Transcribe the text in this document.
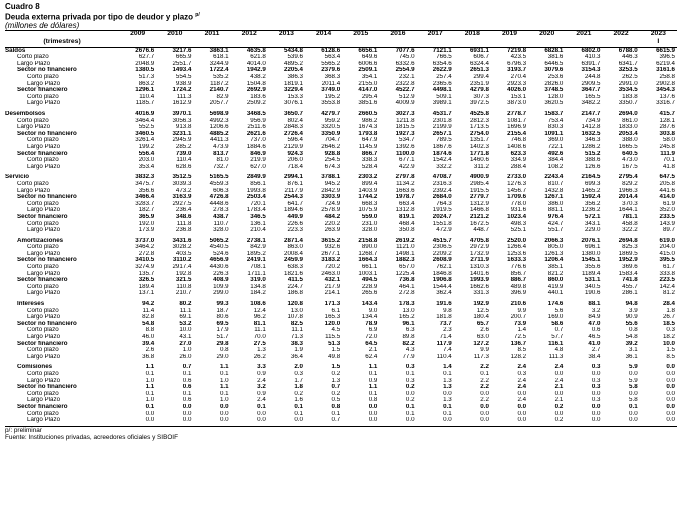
Cuadro 8
Deuda externa privada por tipo de deudor y plazo $^{p/}$
(millones de dólares)
	2009	2010	2011	2012	2013	2014	2015	2016	2017	2018	2019	2020	2021	2022	2023
(trimestres)															I
Saldos	2676.6	3217.6	3863.1	4635.8	5434.8	6128.6	6656.1	7077.6	7121.1	6931.1	7219.8	6828.1	6802.0	6788.0	6615.9
Corto plazo	627.7	665.9	618.1	621.8	539.6	563.4	649.6	745.0	766.5	606.7	423.5	381.6	410.3	446.3	396.5
Largo Plazo	2048.9	2551.7	3244.9	4014.0	4895.2	5565.2	6006.6	6332.6	6354.6	6324.4	6796.3	6446.5	6391.7	6341.7	6219.4
Sector no financiero	1380.5	1493.4	1722.4	1942.9	2205.4	2379.6	2509.1	2554.9	2622.9	2651.3	3193.7	3079.6	3154.3	3253.5	3161.6
Corto plazo	517.3	554.5	535.2	438.2	386.3	368.3	354.1	232.1	257.4	299.4	270.4	253.6	244.8	262.5	258.8
Largo Plazo	863.2	938.9	1187.2	1504.8	1819.1	2011.4	2155.0	2322.8	2365.6	2351.9	2923.3	2826.0	2909.5	2991.0	2902.8
Sector financiero	1296.1	1724.2	2140.7	2692.9	3229.4	3749.0	4147.0	4522.7	4498.1	4279.8	4026.0	3748.5	3647.7	3534.5	3454.3
Corto plazo	110.4	111.3	82.9	183.6	153.3	195.2	295.4	512.9	509.1	307.3	153.1	128.0	165.5	183.8	137.6
Largo Plazo	1185.7	1612.9	2057.7	2509.2	3076.1	3553.8	3851.6	4009.9	3989.1	3972.5	3873.0	3620.5	3482.2	3350.7	3316.7

Desembolsos	4016.9	3970.1	5698.9	3468.5	3650.7	4279.7	2660.5	3027.3	4531.7	4525.8	2778.7	1583.7	2147.7	2694.0	415.7
Corto plazo	3464.4	3056.3	4992.3	956.9	802.4	959.2	986.2	1211.8	2301.8	2812.3	1081.7	753.4	734.9	861.0	128.1
Largo Plazo	552.5	913.8	1206.6	2511.6	2848.3	3320.5	1674.3	1815.5	2199.9	1713.5	1696.9	830.3	1412.8	1833.0	287.6
Sector no financiero	3460.5	3231.1	4885.2	2621.6	2726.4	3350.9	1793.8	1927.3	2657.1	2754.0	2155.4	1091.1	1632.5	2053.4	303.8
Corto plazo	3261.4	2945.9	4411.3	737.0	596.4	704.7	647.9	534.7	789.5	1351.7	746.8	369.0	346.3	388.0	58.0
Largo Plazo	199.2	285.2	473.9	1884.6	2129.9	2646.2	1145.9	1392.6	1867.6	1402.3	1408.6	722.1	1286.2	1665.5	245.8
Sector financiero	556.4	739.0	813.7	846.9	924.3	928.8	866.7	1100.0	1874.6	1771.8	623.3	492.6	515.2	640.5	111.9
Corto plazo	203.0	110.4	81.0	219.9	206.0	254.5	338.3	677.1	1542.4	1460.6	334.9	384.4	388.6	473.0	70.1
Largo Plazo	353.4	628.6	732.7	627.0	718.4	674.3	528.4	422.9	332.2	311.2	288.4	108.2	126.6	167.5	41.8

Servicio	3832.3	3512.5	5165.5	2849.9	2994.1	3788.1	2303.2	2797.8	4708.7	4900.9	2733.0	2243.4	2164.5	2795.4	647.5
Corto plazo	3475.7	3039.3	4559.3	856.1	876.1	945.2	899.4	1134.2	2316.3	2985.4	1276.3	810.7	699.3	829.2	205.8
Largo Plazo	356.6	473.2	606.3	1993.8	2117.9	2842.9	1403.9	1663.6	2392.4	1915.5	1456.7	1432.8	1465.2	1966.3	441.6
Sector no financiero	3466.4	3163.9	4726.8	2503.4	2544.3	3303.9	1744.2	1978.7	2684.0	2779.7	1709.6	1267.1	1592.4	2014.4	414.0
Corto plazo	3283.7	2927.5	4448.6	720.1	641.7	724.9	668.3	663.4	764.3	1312.9	778.0	386.0	356.2	370.3	61.9
Largo Plazo	182.7	236.4	278.3	1783.4	1894.6	2578.9	1075.9	1312.8	1919.5	1466.8	931.6	881.1	1236.2	1644.1	352.0
Sector financiero	365.9	348.6	438.7	346.5	449.9	484.2	559.0	819.1	2024.7	2121.2	1023.4	976.4	572.1	781.1	233.5
Corto plazo	192.0	111.8	110.7	136.1	226.6	220.2	231.0	468.4	1551.8	1672.5	498.3	424.7	343.1	458.8	143.9
Largo Plazo	173.9	236.8	328.0	210.4	223.3	263.9	328.0	350.8	472.9	448.7	525.1	551.7	229.0	322.2	89.7

Amortizaciones	3737.0	3431.6	5065.2	2738.1	2871.4	3615.2	2158.8	2619.2	4515.7	4705.8	2520.0	2066.3	2076.1	2694.8	619.0
Corto plazo	3464.2	3028.2	4540.5	842.9	863.0	932.6	890.0	1121.0	2306.5	2972.9	1266.4	805.0	696.1	825.3	204.0
Largo Plazo	272.8	403.5	524.6	1895.2	2008.4	2677.1	1268.7	1498.1	2209.2	1732.9	1253.6	1261.3	1380.0	1869.5	415.0
Sector no financiero	3410.5	3110.2	4656.9	2419.1	2459.9	3183.2	1664.3	1882.3	2608.9	2711.9	1633.3	1206.4	1545.1	1952.9	395.5
Corto plazo	3274.9	2917.4	4430.6	708.1	638.3	720.2	661.1	657.0	762.1	1310.3	776.6	385.1	355.6	369.6	61.7
Largo Plazo	135.7	192.8	226.3	1711.1	1821.6	2463.0	1003.1	1225.4	1846.8	1401.6	856.7	821.2	1189.4	1583.4	333.8
Sector financiero	326.5	321.5	408.9	319.0	411.5	432.1	494.5	736.8	1906.8	1993.9	886.7	860.0	531.1	741.8	223.5
Corto plazo	189.4	110.8	109.9	134.8	224.7	217.9	228.9	464.1	1544.4	1662.6	489.8	419.9	340.5	455.7	142.4
Largo Plazo	137.1	210.7	299.0	184.2	186.8	214.1	265.6	272.8	362.4	331.3	396.9	440.1	190.6	286.1	81.2

Intereses	94.2	80.2	99.3	108.6	120.8	171.3	143.4	178.3	191.6	192.9	210.6	174.6	88.1	94.8	28.4
Corto plazo	11.4	11.1	18.7	12.4	13.0	6.1	9.0	13.0	9.8	12.5	9.9	5.6	3.2	3.9	1.8
Largo Plazo	82.8	69.1	80.6	96.2	107.8	165.3	134.4	165.2	181.8	180.4	200.7	169.0	84.9	90.9	26.7
Sector no financiero	54.8	53.2	69.5	81.1	82.5	120.0	78.9	96.1	73.7	65.7	73.9	58.6	47.0	55.6	18.5
Corto plazo	8.8	10.0	17.9	11.1	11.1	4.5	6.9	6.3	2.3	2.6	1.4	0.7	0.6	0.8	0.3
Largo Plazo	46.0	43.1	51.7	70.0	71.3	115.5	72.0	89.8	71.4	63.0	72.5	57.7	46.5	54.8	18.2
Sector financiero	39.4	27.0	29.8	27.5	38.3	51.3	64.5	82.2	117.9	127.2	136.7	116.1	41.0	39.2	10.0
Corto plazo	2.6	1.0	0.8	1.3	1.9	1.5	2.1	4.3	7.4	9.9	8.5	4.8	2.7	3.1	1.5
Largo Plazo	36.8	26.0	29.0	26.2	36.4	49.8	62.4	77.9	110.4	117.3	128.2	111.3	38.4	36.1	8.5

Comisiones	1.1	0.7	1.1	3.3	2.0	1.5	1.1	0.3	1.4	2.2	2.4	2.4	0.3	5.9	0.0
Corto plazo	0.1	0.1	0.1	0.9	0.3	0.2	0.1	0.1	0.1	0.1	0.3	0.0	0.0	0.0	0.0
Largo Plazo	1.0	0.6	1.0	2.4	1.7	1.3	0.9	0.3	1.3	2.2	2.4	2.4	0.3	5.9	0.0
Sector no financiero	1.1	0.6	1.1	3.2	1.8	0.7	1.1	0.2	1.3	2.2	2.4	2.1	0.3	5.8	0.0
Corto plazo	0.1	0.1	0.1	0.9	0.2	0.2	0.1	0.0	0.0	0.0	0.0	0.0	0.0	0.0	0.0
Largo Plazo	1.0	0.6	1.0	2.4	1.6	0.5	0.8	0.2	1.3	2.2	2.4	2.1	0.3	5.8	0.0
Sector financiero	0.1	0.0	0.0	0.1	0.1	0.8	0.0	0.1	0.1	0.0	0.0	0.2	0.0	0.1	0.0
Corto plazo	0.0	0.0	0.0	0.0	0.1	0.1	0.0	0.1	0.1	0.0	0.0	0.0	0.0	0.0	0.0
Largo Plazo	0.0	0.0	0.0	0.0	0.0	0.7	0.0	0.0	0.0	0.0	0.0	0.2	0.0	0.0	0.0
p/: preliminar
Fuente: Instituciones privadas, acreedores oficiales y SIBOIF
